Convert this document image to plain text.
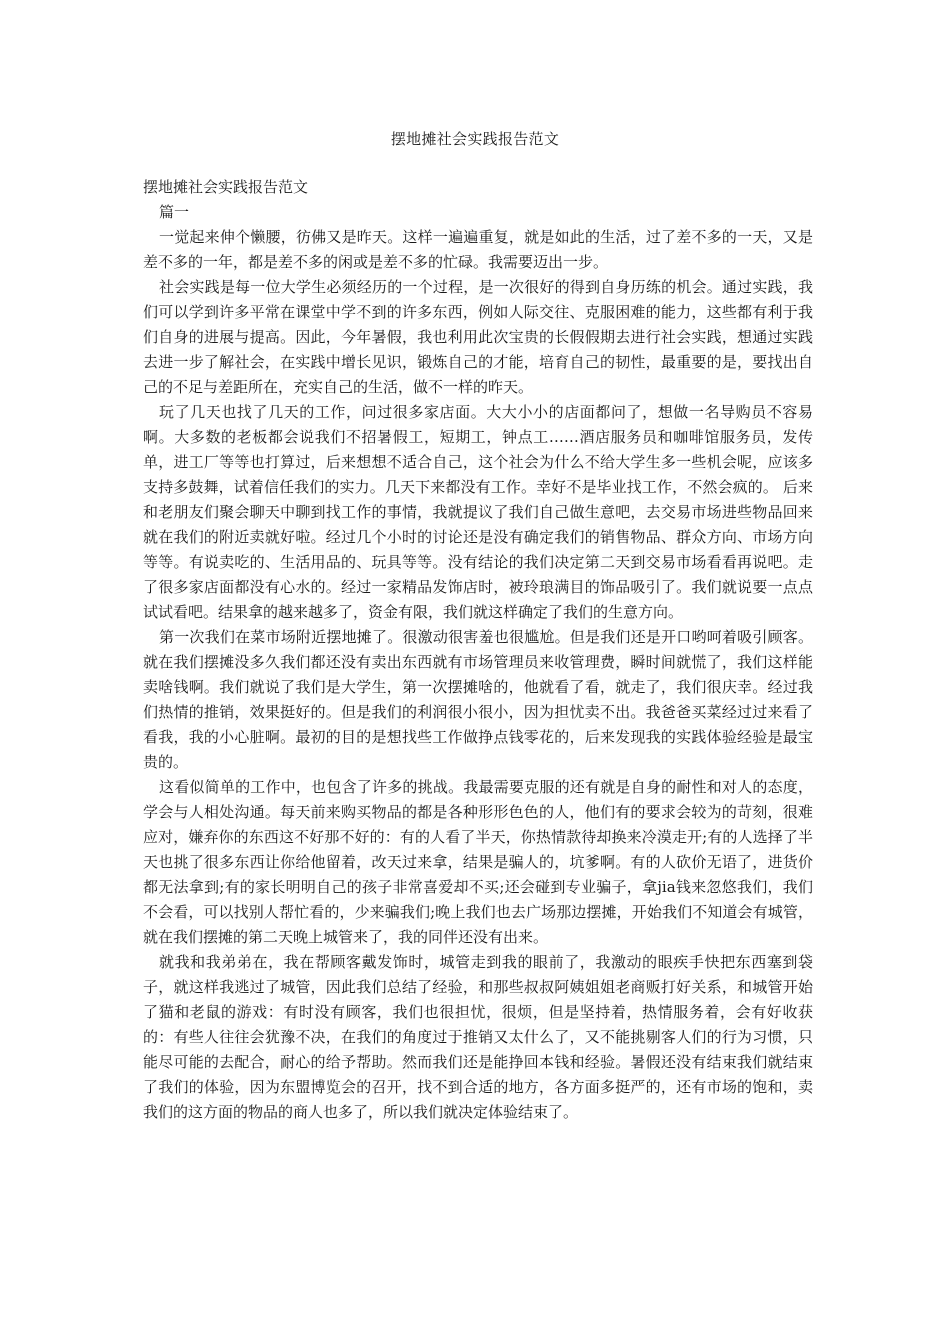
摆地摊社会实践报告范文

摆地摊社会实践报告范文

篇一

一觉起来伸个懒腰，彷佛又是昨天。这样一遍遍重复，就是如此的生活，过了差不多的一天，又是差不多的一年，都是差不多的闲或是差不多的忙碌。我需要迈出一步。

社会实践是每一位大学生必须经历的一个过程，是一次很好的得到自身历练的机会。通过实践，我们可以学到许多平常在课堂中学不到的许多东西，例如人际交往、克服困难的能力，这些都有利于我们自身的进展与提高。因此，今年暑假，我也利用此次宝贵的长假假期去进行社会实践，想通过实践去进一步了解社会，在实践中增长见识，锻炼自己的才能，培育自己的韧性，最重要的是，要找出自己的不足与差距所在，充实自己的生活，做不一样的昨天。

玩了几天也找了几天的工作，问过很多家店面。大大小小的店面都问了，想做一名导购员不容易啊。大多数的老板都会说我们不招暑假工，短期工，钟点工……酒店服务员和咖啡馆服务员，发传单，进工厂等等也打算过，后来想想不适合自己，这个社会为什么不给大学生多一些机会呢，应该多支持多鼓舞，试着信任我们的实力。几天下来都没有工作。幸好不是毕业找工作，不然会疯的。 后来和老朋友们聚会聊天中聊到找工作的事情，我就提议了我们自己做生意吧，去交易市场进些物品回来就在我们的附近卖就好啦。经过几个小时的讨论还是没有确定我们的销售物品、群众方向、市场方向等等。有说卖吃的、生活用品的、玩具等等。没有结论的我们决定第二天到交易市场看看再说吧。走了很多家店面都没有心水的。经过一家精品发饰店时，被玲琅满目的饰品吸引了。我们就说要一点点试试看吧。结果拿的越来越多了，资金有限，我们就这样确定了我们的生意方向。

第一次我们在菜市场附近摆地摊了。很激动很害羞也很尴尬。但是我们还是开口哟呵着吸引顾客。就在我们摆摊没多久我们都还没有卖出东西就有市场管理员来收管理费，瞬时间就慌了，我们这样能卖啥钱啊。我们就说了我们是大学生，第一次摆摊啥的，他就看了看，就走了，我们很庆幸。经过我们热情的推销，效果挺好的。但是我们的利润很小很小，因为担忧卖不出。我爸爸买菜经过过来看了看我，我的小心脏啊。最初的目的是想找些工作做挣点钱零花的，后来发现我的实践体验经验是最宝贵的。

这看似简单的工作中，也包含了许多的挑战。我最需要克服的还有就是自身的耐性和对人的态度，学会与人相处沟通。每天前来购买物品的都是各种形形色色的人，他们有的要求会较为的苛刻，很难应对，嫌弃你的东西这不好那不好的：有的人看了半天，你热情款待却换来冷漠走开;有的人选择了半天也挑了很多东西让你给他留着，改天过来拿，结果是骗人的，坑爹啊。有的人砍价无语了，进货价都无法拿到;有的家长明明自己的孩子非常喜爱却不买;还会碰到专业骗子，拿jia钱来忽悠我们，我们不会看，可以找别人帮忙看的，少来骗我们;晚上我们也去广场那边摆摊，开始我们不知道会有城管，就在我们摆摊的第二天晚上城管来了，我的同伴还没有出来。

就我和我弟弟在，我在帮顾客戴发饰时，城管走到我的眼前了，我激动的眼疾手快把东西塞到袋子，就这样我逃过了城管，因此我们总结了经验，和那些叔叔阿姨姐姐老商贩打好关系，和城管开始了猫和老鼠的游戏：有时没有顾客，我们也很担忧，很烦，但是坚持着，热情服务着，会有好收获的：有些人往往会犹豫不决，在我们的角度过于推销又太什么了，又不能挑剔客人们的行为习惯，只能尽可能的去配合，耐心的给予帮助。然而我们还是能挣回本钱和经验。暑假还没有结束我们就结束了我们的体验，因为东盟博览会的召开，找不到合适的地方，各方面多挺严的，还有市场的饱和，卖我们的这方面的物品的商人也多了，所以我们就决定体验结束了。
